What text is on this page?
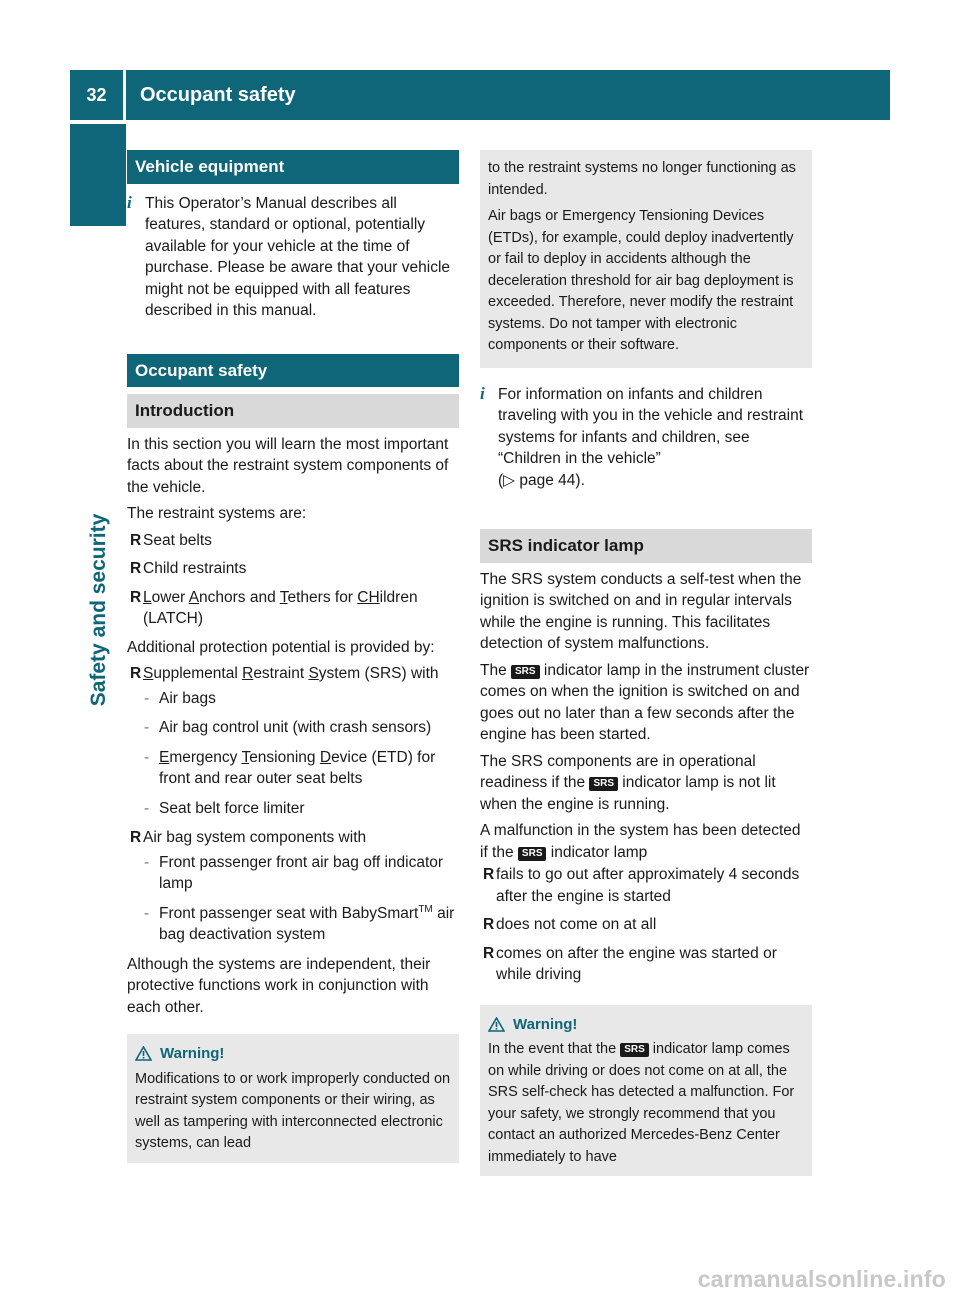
32	Occupant safety
Safety and security
Vehicle equipment
i This Operator’s Manual describes all features, standard or optional, potentially available for your vehicle at the time of purchase. Please be aware that your vehicle might not be equipped with all features described in this manual.
Occupant safety
Introduction

In this section you will learn the most important facts about the restraint system components of the vehicle.

The restraint systems are:

R Seat belts
R Child restraints
R Lower Anchors and Tethers for CHildren (LATCH)

Additional protection potential is provided by:

R Supplemental Restraint System (SRS) with
- Air bags
- Air bag control unit (with crash sensors)
- Emergency Tensioning Device (ETD) for front and rear outer seat belts
- Seat belt force limiter
R Air bag system components with
- Front passenger front air bag off indicator lamp
- Front passenger seat with BabySmart™ air bag deactivation system

Although the systems are independent, their protective functions work in conjunction with each other.

Warning!
Modifications to or work improperly conducted on restraint system components or their wiring, as well as tampering with interconnected electronic systems, can lead

to the restraint systems no longer functioning as intended.

Air bags or Emergency Tensioning Devices (ETDs), for example, could deploy inadvertently or fail to deploy in accidents although the deceleration threshold for air bag deployment is exceeded. Therefore, never modify the restraint systems. Do not tamper with electronic components or their software.

i For information on infants and children traveling with you in the vehicle and restraint systems for infants and children, see “Children in the vehicle”
(▷ page 44).
SRS indicator lamp

The SRS system conducts a self-test when the ignition is switched on and in regular intervals while the engine is running. This facilitates detection of system malfunctions.

The SRS indicator lamp in the instrument cluster comes on when the ignition is switched on and goes out no later than a few seconds after the engine has been started.

The SRS components are in operational readiness if the SRS indicator lamp is not lit when the engine is running.

A malfunction in the system has been detected if the SRS indicator lamp

R fails to go out after approximately 4 seconds after the engine is started
R does not come on at all
R comes on after the engine was started or while driving
Warning!
In the event that the SRS indicator lamp comes on while driving or does not come on at all, the SRS self-check has detected a malfunction. For your safety, we strongly recommend that you contact an authorized Mercedes-Benz Center immediately to have
carmanualsonline.info
